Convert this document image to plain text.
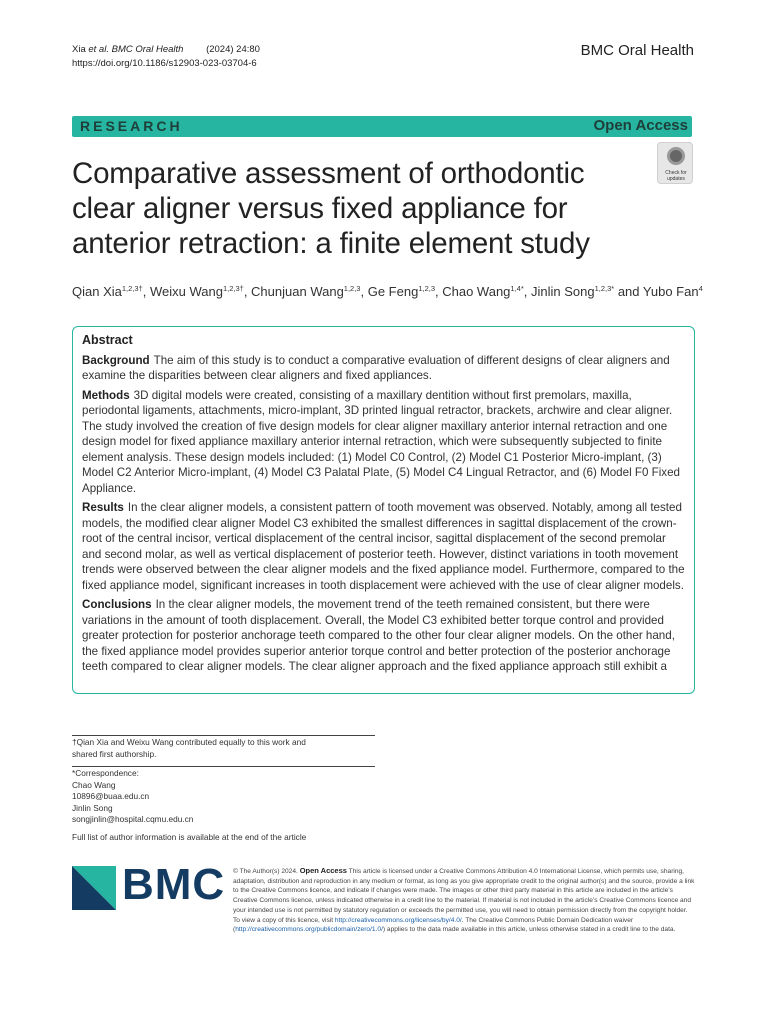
Xia et al. BMC Oral Health (2024) 24:80
https://doi.org/10.1186/s12903-023-03704-6
BMC Oral Health
RESEARCH	Open Access
Check for
updates
Comparative assessment of orthodontic clear aligner versus fixed appliance for anterior retraction: a finite element study
Qian Xia$^{1,2,3\dagger}$, Weixu Wang$^{1,2,3\dagger}$, Chunjuan Wang$^{1,2,3}$, Ge Feng$^{1,2,3}$, Chao Wang$^{1,4*}$, Jinlin Song$^{1,2,3*}$ and Yubo Fan$^4$
Abstract

Background The aim of this study is to conduct a comparative evaluation of different designs of clear aligners and examine the disparities between clear aligners and fixed appliances.

Methods 3D digital models were created, consisting of a maxillary dentition without first premolars, maxilla, periodontal ligaments, attachments, micro-implant, 3D printed lingual retractor, brackets, archwire and clear aligner. The study involved the creation of five design models for clear aligner maxillary anterior internal retraction and one design model for fixed appliance maxillary anterior internal retraction, which were subsequently subjected to finite element analysis. These design models included: (1) Model C0 Control, (2) Model C1 Posterior Micro-implant, (3) Model C2 Anterior Micro-implant, (4) Model C3 Palatal Plate, (5) Model C4 Lingual Retractor, and (6) Model F0 Fixed Appliance.

Results In the clear aligner models, a consistent pattern of tooth movement was observed. Notably, among all tested models, the modified clear aligner Model C3 exhibited the smallest differences in sagittal displacement of the crown-root of the central incisor, vertical displacement of the central incisor, sagittal displacement of the second premolar and second molar, as well as vertical displacement of posterior teeth. However, distinct variations in tooth movement trends were observed between the clear aligner models and the fixed appliance model. Furthermore, compared to the fixed appliance model, significant increases in tooth displacement were achieved with the use of clear aligner models.

Conclusions In the clear aligner models, the movement trend of the teeth remained consistent, but there were variations in the amount of tooth displacement. Overall, the Model C3 exhibited better torque control and provided greater protection for posterior anchorage teeth compared to the other four clear aligner models. On the other hand, the fixed appliance model provides superior anterior torque control and better protection of the posterior anchorage teeth compared to clear aligner models. The clear aligner approach and the fixed appliance approach still exhibit a

†Qian Xia and Weixu Wang contributed equally to this work and shared first authorship.
*Correspondence:
Chao Wang
10896@buaa.edu.cn
Jinlin Song
songjinlin@hospital.cqmu.edu.cn
Full list of author information is available at the end of the article
BMC © The Author(s) 2024. Open Access This article is licensed under a Creative Commons Attribution 4.0 International License, which permits use, sharing, adaptation, distribution and reproduction in any medium or format, as long as you give appropriate credit to the original author(s) and the source, provide a link to the Creative Commons licence, and indicate if changes were made. The images or other third party material in this article are included in the article’s Creative Commons licence, unless indicated otherwise in a credit line to the material. If material is not included in the article’s Creative Commons licence and your intended use is not permitted by statutory regulation or exceeds the permitted use, you will need to obtain permission directly from the copyright holder. To view a copy of this licence, visit http://creativecommons.org/licenses/by/4.0/. The Creative Commons Public Domain Dedication waiver (http://creativecommons.org/publicdomain/zero/1.0/) applies to the data made available in this article, unless otherwise stated in a credit line to the data.
